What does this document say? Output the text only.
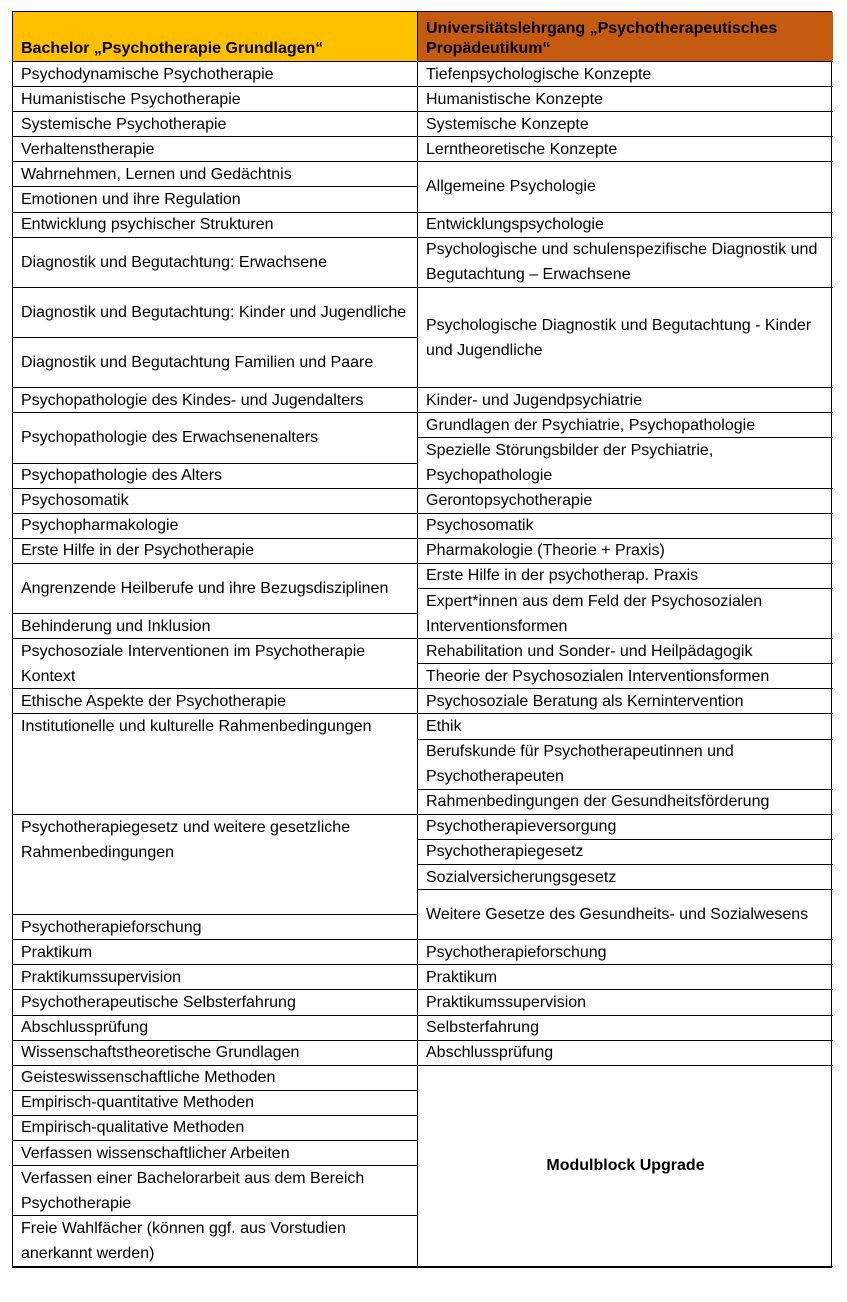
Bachelor „Psychotherapie Grundlagen“
Universitätslehrgang „Psychotherapeutisches Propädeutikum“
Psychodynamische Psychotherapie
Humanistische Psychotherapie
Systemische Psychotherapie
Verhaltenstherapie
Wahrnehmen, Lernen und Gedächtnis
Emotionen und ihre Regulation
Entwicklung psychischer Strukturen
Diagnostik und Begutachtung: Erwachsene
Diagnostik und Begutachtung: Kinder und Jugendliche
Diagnostik und Begutachtung Familien und Paare
Psychopathologie des Kindes- und Jugendalters
Psychopathologie des Erwachsenenalters
Psychopathologie des Alters
Psychosomatik
Psychopharmakologie
Erste Hilfe in der Psychotherapie
Angrenzende Heilberufe und ihre Bezugsdisziplinen
Behinderung und Inklusion
Psychosoziale Interventionen im Psychotherapie Kontext
Ethische Aspekte der Psychotherapie
Institutionelle und kulturelle Rahmenbedingungen
Psychotherapiegesetz und weitere gesetzliche Rahmenbedingungen
Psychotherapieforschung
Praktikum
Praktikumssupervision
Psychotherapeutische Selbsterfahrung
Abschlussprüfung
Wissenschaftstheoretische Grundlagen
Geisteswissenschaftliche Methoden
Empirisch-quantitative Methoden
Empirisch-qualitative Methoden
Verfassen wissenschaftlicher Arbeiten
Verfassen einer Bachelorarbeit aus dem Bereich Psychotherapie
Freie Wahlfächer (können ggf. aus Vorstudien anerkannt werden)
Tiefenpsychologische Konzepte
Humanistische Konzepte
Systemische Konzepte
Lerntheoretische Konzepte
Allgemeine Psychologie
Entwicklungspsychologie
Psychologische und schulenspezifische Diagnostik und Begutachtung – Erwachsene
Psychologische Diagnostik und Begutachtung - Kinder und Jugendliche
Kinder- und Jugendpsychiatrie
Grundlagen der Psychiatrie, Psychopathologie
Spezielle Störungsbilder der Psychiatrie, Psychopathologie
Gerontopsychotherapie
Psychosomatik
Pharmakologie (Theorie + Praxis)
Erste Hilfe in der psychotherap. Praxis
Expert*innen aus dem Feld der Psychosozialen Interventionsformen
Rehabilitation und Sonder- und Heilpädagogik
Theorie der Psychosozialen Interventionsformen
Psychosoziale Beratung als Kernintervention
Ethik
Berufskunde für Psychotherapeutinnen und Psychotherapeuten
Rahmenbedingungen der Gesundheitsförderung
Psychotherapieversorgung
Psychotherapiegesetz
Sozialversicherungsgesetz
Weitere Gesetze des Gesundheits- und Sozialwesens
Psychotherapieforschung
Praktikum
Praktikumssupervision
Selbsterfahrung
Abschlussprüfung
Modulblock Upgrade
